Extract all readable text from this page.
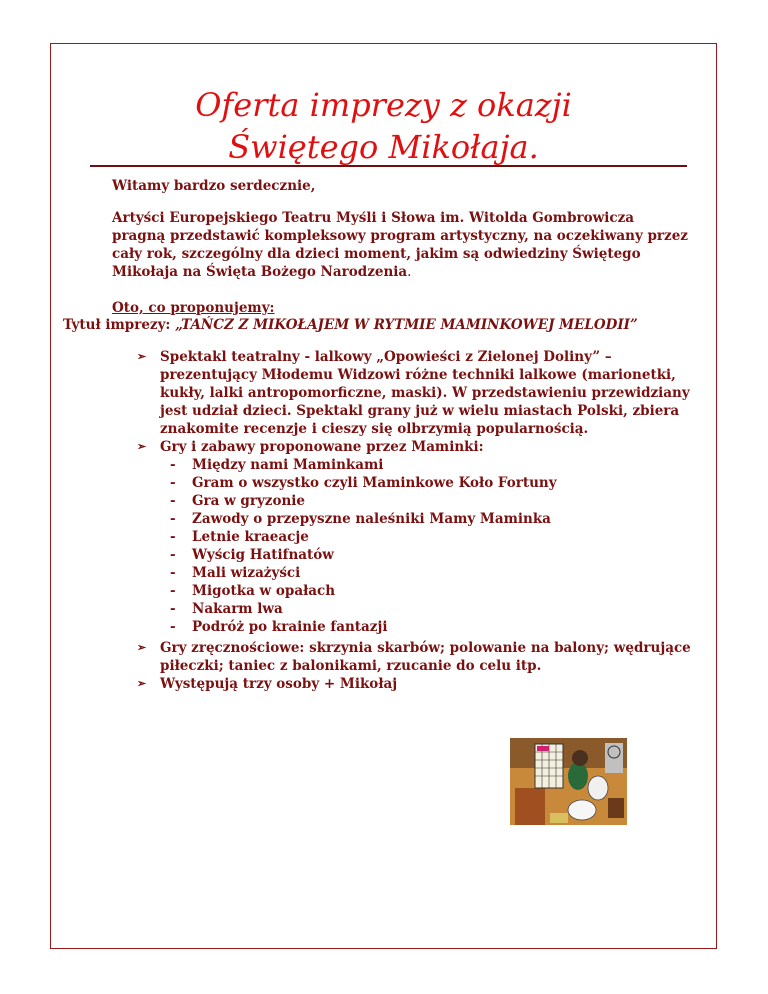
Oferta imprezy z okazji
Świętego Mikołaja.
Witamy bardzo serdecznie,
Artyści Europejskiego Teatru Myśli i Słowa im. Witolda Gombrowicza pragną przedstawić kompleksowy program artystyczny, na oczekiwany przez cały rok, szczególny dla dzieci moment, jakim są odwiedziny Świętego Mikołaja na Święta Bożego Narodzenia.
Oto, co proponujemy:
Tytuł imprezy: „TAŃCZ Z MIKOŁAJEM W RYTMIE MAMINKOWEJ MELODII”
➢ Spektakl teatralny - lalkowy „Opowieści z Zielonej Doliny” – prezentujący Młodemu Widzowi różne techniki lalkowe (marionetki, kukły, lalki antropomorficzne, maski). W przedstawieniu przewidziany jest udział dzieci. Spektakl grany już w wielu miastach Polski, zbiera znakomite recenzje i cieszy się olbrzymią popularnością.
➢ Gry i zabawy proponowane przez Maminki:
- Między nami Maminkami
- Gram o wszystko czyli Maminkowe Koło Fortuny
- Gra w gryzonie
- Zawody o przepyszne naleśniki Mamy Maminka
- Letnie kraeacje
- Wyścig Hatifnatów
- Mali wizażyści
- Migotka w opałach
- Nakarm lwa
- Podróż po krainie fantazji
➢ Gry zręcznościowe: skrzynia skarbów; polowanie na balony; wędrujące piłeczki; taniec z balonikami, rzucanie do celu itp.
➢ Występują trzy osoby + Mikołaj
